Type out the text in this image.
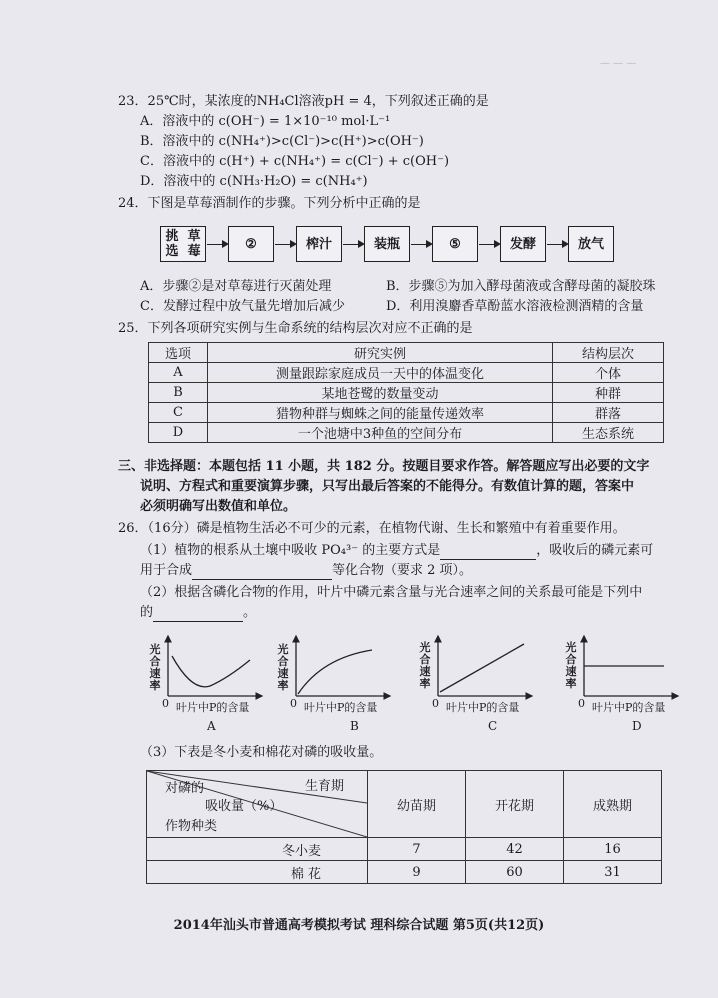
— — —
23．25℃时，某浓度的NH₄Cl溶液pH = 4，下列叙述正确的是
A．溶液中的 c(OH⁻) = 1×10⁻¹⁰ mol·L⁻¹
B．溶液中的 c(NH₄⁺)>c(Cl⁻)>c(H⁺)>c(OH⁻)
C．溶液中的 c(H⁺) + c(NH₄⁺) = c(Cl⁻) + c(OH⁻)
D．溶液中的 c(NH₃·H₂O) = c(NH₄⁺)
24．下图是草莓酒制作的步骤。下列分析中正确的是
挑选

草莓	②	榨汁	装瓶	⑤	发酵	放气
A．步骤②是对草莓进行灭菌处理	B．步骤⑤为加入酵母菌液或含酵母菌的凝胶珠
C．发酵过程中放气量先增加后减少	D．利用溴麝香草酚蓝水溶液检测酒精的含量
25．下列各项研究实例与生命系统的结构层次对应不正确的是
选项	研究实例	结构层次
A	测量跟踪家庭成员一天中的体温变化	个体
B	某地苍鹭的数量变动	种群
C	猎物种群与蜘蛛之间的能量传递效率	群落
D	一个池塘中3种鱼的空间分布	生态系统
三、非选择题：本题包括 11 小题，共 182 分。按题目要求作答。解答题应写出必要的文字
说明、方程式和重要演算步骤，只写出最后答案的不能得分。有数值计算的题，答案中
必须明确写出数值和单位。
26．（16分）磷是植物生活必不可少的元素，在植物代谢、生长和繁殖中有着重要作用。
（1）植物的根系从土壤中吸收 PO₄³⁻ 的主要方式是	，吸收后的磷元素可
用于合成	等化合物（要求 2 项）。
（2）根据含磷化合物的作用，叶片中磷元素含量与光合速率之间的关系最可能是下列中
的	。
光合速率
0 叶片中P的含量
A
光合速率
0 叶片中P的含量
B
光合速率
0 叶片中P的含量
C
光合速率
0 叶片中P的含量
D
（3）下表是冬小麦和棉花对磷的吸收量。
生育期
对磷的
吸收量（%）
作物种类	幼苗期	开花期	成熟期
冬小麦	7	42	16
棉 花	9	60	31
2014年汕头市普通高考模拟考试 理科综合试题 第5页(共12页)
